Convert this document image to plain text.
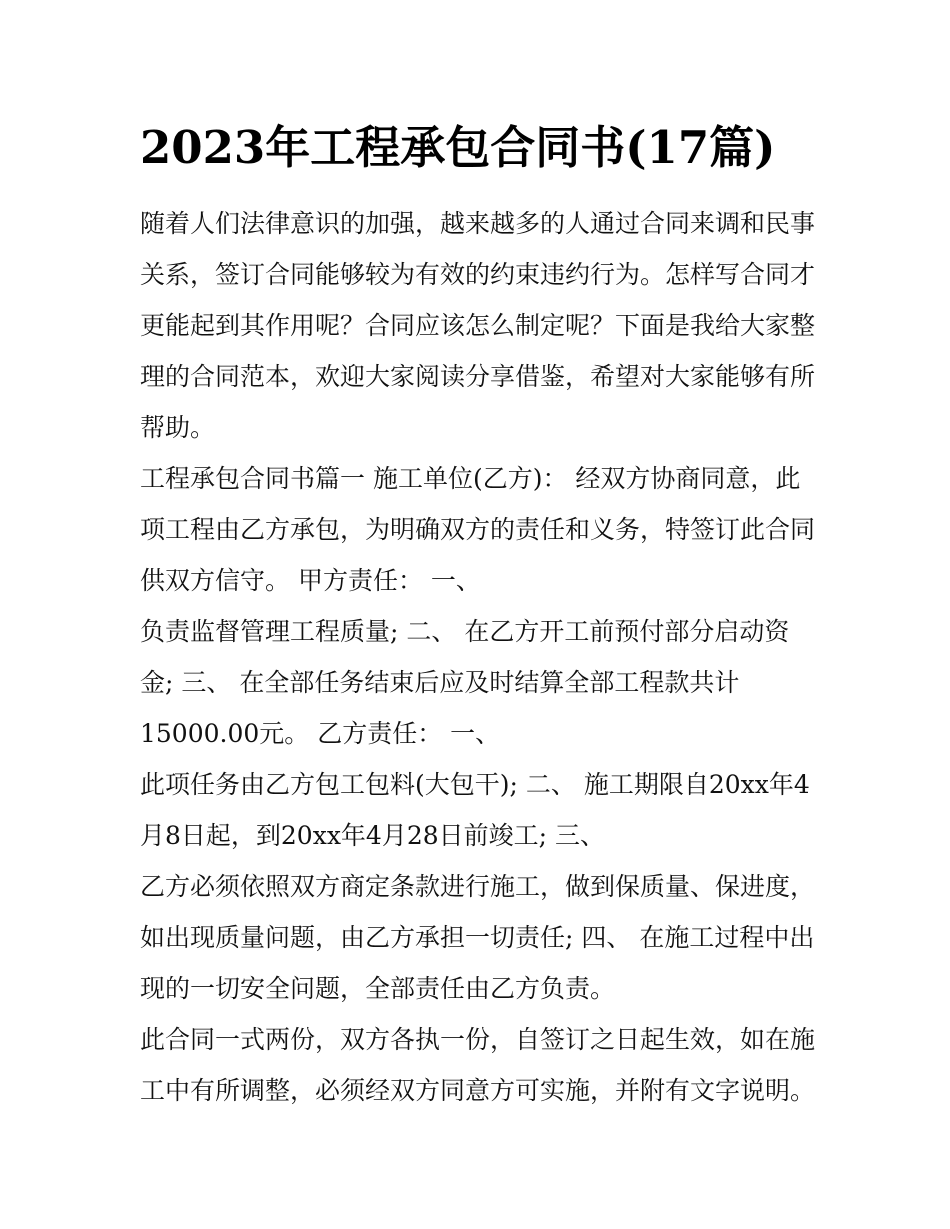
2023年工程承包合同书(17篇)

随着人们法律意识的加强，越来越多的人通过合同来调和民事
关系，签订合同能够较为有效的约束违约行为。怎样写合同才
更能起到其作用呢？合同应该怎么制定呢？下面是我给大家整
理的合同范本，欢迎大家阅读分享借鉴，希望对大家能够有所
帮助。

工程承包合同书篇一 施工单位(乙方)： 经双方协商同意，此
项工程由乙方承包，为明确双方的责任和义务，特签订此合同
供双方信守。 甲方责任： 一、

负责监督管理工程质量; 二、 在乙方开工前预付部分启动资
金; 三、 在全部任务结束后应及时结算全部工程款共计
15000.00元。 乙方责任： 一、

此项任务由乙方包工包料(大包干); 二、 施工期限自20xx年4
月8日起，到20xx年4月28日前竣工; 三、

乙方必须依照双方商定条款进行施工，做到保质量、保进度，
如出现质量问题，由乙方承担一切责任; 四、 在施工过程中出
现的一切安全问题，全部责任由乙方负责。

此合同一式两份，双方各执一份，自签订之日起生效，如在施
工中有所调整，必须经双方同意方可实施，并附有文字说明。
